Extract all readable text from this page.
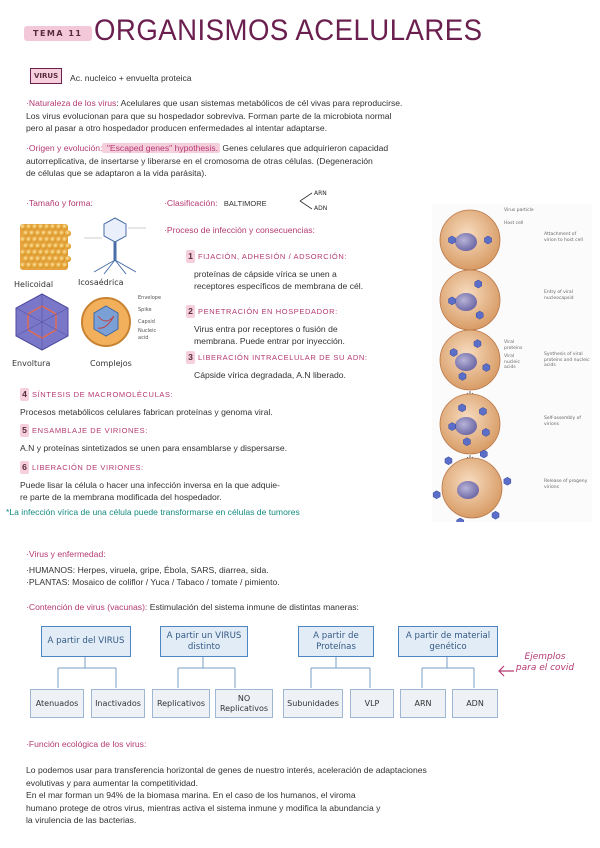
TEMA 11 ORGANISMOS ACELULARES
VIRUS	Ac. nucleico + envuelta proteica
·Naturaleza de los virus: Acelulares que usan sistemas metabólicos de cél vivas para reproducirse.
Los virus evolucionan para que su hospedador sobreviva. Forman parte de la microbiota normal
pero al pasar a otro hospedador producen enfermedades al intentar adaptarse.
·Origen y evolución: "Escaped genes" hypothesis. Genes celulares que adquirieron capacidad
autorreplicativa, de insertarse y liberarse en el cromosoma de otras células. (Degeneración
de células que se adaptaron a la vida parásita).
·Tamaño y forma:
Helicoidal	Icosaédrica
Envelope
Spike
Capsid
Nucleic acid
Envoltura	Complejos
·Clasificación: BALTIMORE
ARN
ADN
·Proceso de infección y consecuencias:
1 FIJACIÓN, ADHESIÓN / ADSORCIÓN:
proteínas de cápside vírica se unen a
receptores específicos de membrana de cél.
2 PENETRACIÓN EN HOSPEDADOR:
Virus entra por receptores o fusión de
membrana. Puede entrar por inyección.
3 LIBERACIÓN INTRACELULAR DE SU ADN:
Cápside vírica degradada, A.N liberado.
4 SÍNTESIS DE MACROMOLÉCULAS:
Procesos metabólicos celulares fabrican proteínas y genoma viral.
5 ENSAMBLAJE DE VIRIONES:
A.N y proteínas sintetizados se unen para ensamblarse y dispersarse.
6 LIBERACIÓN DE VIRIONES:
Puede lisar la célula o hacer una infección inversa en la que adquie-
re parte de la membrana modificada del hospedador.
*La infección vírica de una célula puede transformarse en células de tumores
Virus particle
Host cell
Attachment of virion to host cell
Entry of viral nucleocapsid
Viral proteins
Viral nucleic acids
Synthesis of viral proteins and nucleic acids
Self-assembly of virions
Release of progeny virions
·Virus y enfermedad:
·HUMANOS: Herpes, viruela, gripe, Ébola, SARS, diarrea, sida.
·PLANTAS: Mosaico de coliflor / Yuca / Tabaco / tomate / pimiento.
·Contención de virus (vacunas): Estimulación del sistema inmune de distintas maneras:
A partir del VIRUS
A partir un VIRUS distinto
A partir de Proteínas
A partir de material genético
Atenuados	Inactivados	Replicativos
NO Replicativos
Subunidades	VLP	ARN	ADN
Ejemplos para el covid
·Función ecológica de los virus:
Lo podemos usar para transferencia horizontal de genes de nuestro interés, aceleración de adaptaciones
evolutivas y para aumentar la competitividad.
En el mar forman un 94% de la biomasa marina. En el caso de los humanos, el viroma
humano protege de otros virus, mientras activa el sistema inmune y modifica la abundancia y
la virulencia de las bacterias.
